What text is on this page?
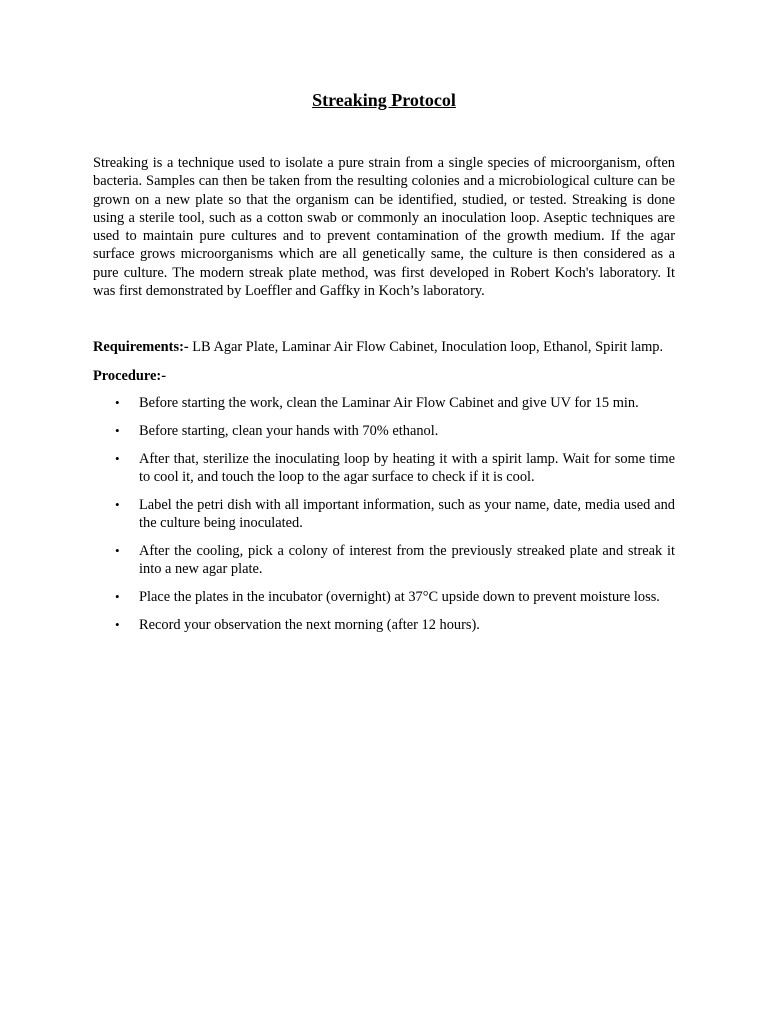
Streaking Protocol

Streaking is a technique used to isolate a pure strain from a single species of microorganism, often bacteria. Samples can then be taken from the resulting colonies and a microbiological culture can be grown on a new plate so that the organism can be identified, studied, or tested. Streaking is done using a sterile tool, such as a cotton swab or commonly an inoculation loop. Aseptic techniques are used to maintain pure cultures and to prevent contamination of the growth medium. If the agar surface grows microorganisms which are all genetically same, the culture is then considered as a pure culture. The modern streak plate method, was first developed in Robert Koch's laboratory. It was first demonstrated by Loeffler and Gaffky in Koch’s laboratory.

Requirements:- LB Agar Plate, Laminar Air Flow Cabinet, Inoculation loop, Ethanol, Spirit lamp.

Procedure:-
• Before starting the work, clean the Laminar Air Flow Cabinet and give UV for 15 min.
• Before starting, clean your hands with 70% ethanol.
• After that, sterilize the inoculating loop by heating it with a spirit lamp. Wait for some time to cool it, and touch the loop to the agar surface to check if it is cool.
• Label the petri dish with all important information, such as your name, date, media used and the culture being inoculated.
• After the cooling, pick a colony of interest from the previously streaked plate and streak it into a new agar plate.
• Place the plates in the incubator (overnight) at 37°C upside down to prevent moisture loss.
• Record your observation the next morning (after 12 hours).
